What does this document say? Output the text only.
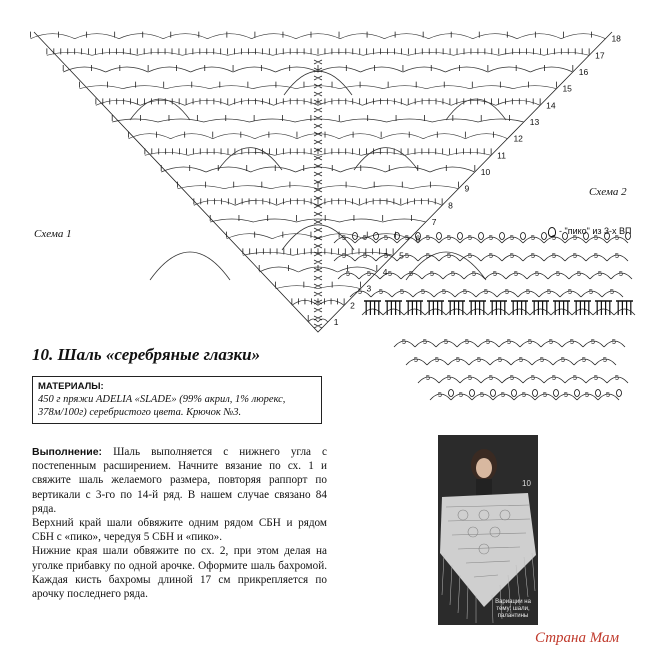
1
2
3
4
5
6
7
8
9
10
11
12
13
14
15
16
17
18
Схема 1
Схема 2
- "пико" из 3-х ВП
5 5 5 5 5 5 5 5 5
5 5 5 5 5 5 5 5 5 5
5 5 5 5 5 5 5 5 5 5
5 5 5 5 5 5 5 5 5 5 5
5 5 5 5 5 5 5 5 5 5 5 5 5
5 5 5 5 5 5 5 5 5 5 5 5 5 5
5 5 5 5 5 5 5 5 5 5 5 5 5 5
5 5 5 5 5 5 5 5 5 5 5 5 5 5
10. Шаль «серебряные глазки»
МАТЕРИАЛЫ:
450 г пряжи ADELIA «SLADE» (99% акрил, 1% люрекс, 378м/100г) серебристого цвета. Крючок №3.

Выполнение: Шаль выполняется с нижнего угла с постепенным расширением. Начните вязание по сх. 1 и свяжите шаль желаемого размера, повторяя раппорт по вертикали с 3-го по 14-й ряд. В нашем случае связано 84 ряда.

Верхний край шали обвяжите одним рядом СБН и рядом СБН с «пико», чередуя 5 СБН и «пико».

Нижние края шали обвяжите по сх. 2, при этом делая на уголке прибавку по одной арочке. Оформите шаль бахромой. Каждая кисть бахромы длиной 17 см прикрепляется по арочку последнего ряда.

10
Вариации на тему: шали, палантины
Страна Мам
